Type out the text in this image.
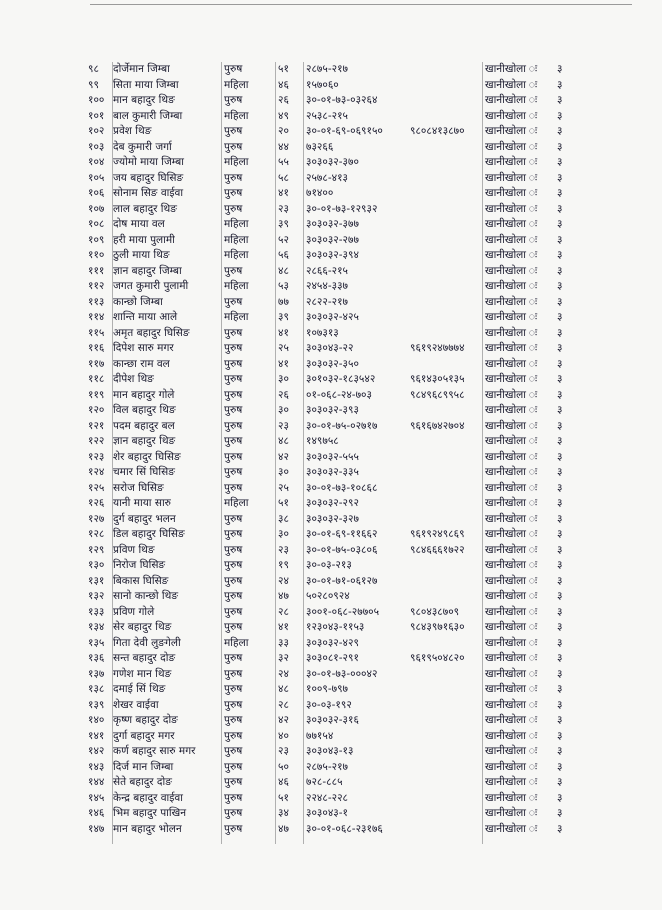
९८	दोर्जेमान जिम्बा	पुरुष	५१	२८७५-२१७	खानीखोला ः	३
९९	सिता माया जिम्बा	महिला	४६	१५७०६०	खानीखोला ः	३
१०० मान बहादुर थिङ	पुरुष	२६	३०-०१-७३-०३२६४	खानीखोला ः	३
१०१ बाल कुमारी जिम्बा	महिला	४९	२५३८-२१५	खानीखोला ः	३
१०२ प्रवेश थिङ	पुरुष	२०	३०-०१-६९-०६९१५०	९८०८४१३८७०	खानीखोला ः	३
१०३ देब कुमारी जर्गा	पुरुष	४४	७३२६६	खानीखोला ः	३
१०४ ज्योमो माया जिम्बा	महिला	५५	३०३०३२-३७०	खानीखोला ः	३
१०५ जय बहादुर घिसिङ	पुरुष	५८	२५७८-४१३	खानीखोला ः	३
१०६ सोनाम सिङ वाईवा	पुरुष	४१	७१४००	खानीखोला ः	३
१०७ लाल बहादुर थिङ	पुरुष	२३	३०-०१-७३-१२९३२	खानीखोला ः	३
१०८ दोष माया वल	महिला	३९	३०३०३२-३७७	खानीखोला ः	३
१०९ हरी माया पुलामी	महिला	५२	३०३०३२-२७७	खानीखोला ः	३
११० ठुली माया थिङ	महिला	५६	३०३०३२-३९४	खानीखोला ः	३
१११ ज्ञान बहादुर जिम्बा	पुरुष	४८	२८६६-२१५	खानीखोला ः	३
११२ जगत कुमारी पुलामी	महिला	५३	२४५४-३३७	खानीखोला ः	३
११३ कान्छो जिम्बा	पुरुष	७७	२८२२-२१७	खानीखोला ः	३
११४ शान्ति माया आले	महिला	३९	३०३०३२-४२५	खानीखोला ः	३
११५ अमृत बहादुर घिसिङ	पुरुष	४१	१०७३१३	खानीखोला ः	३
११६ दिपेश सारु मगर	पुरुष	२५	३०३०४३-२२	९६१९२४७७७४	खानीखोला ः	३
११७ कान्छा राम वल	पुरुष	४१	३०३०३२-३५०	खानीखोला ः	३
११८ दीपेश थिङ	पुरुष	३०	३०१०३२-१८३५४२	९६१४३०५१३५	खानीखोला ः	३
११९ मान बहादुर गोले	पुरुष	२६	०१-०६८-२४-७०३	९८४९६८९९५८	खानीखोला ः	३
१२० विल बहादुर थिङ	पुरुष	३०	३०३०३२-३९३	खानीखोला ः	३
१२१ पदम बहादुर बल	पुरुष	२३	३०-०१-७५-०२७१७	९६१६७४२७०४	खानीखोला ः	३
१२२ ज्ञान बहादुर थिङ	पुरुष	४८	१४९७५८	खानीखोला ः	३
१२३ शेर बहादुर घिसिङ	पुरुष	४२	३०३०३२-५५५	खानीखोला ः	३
१२४ चमार सिं घिसिङ	पुरुष	३०	३०३०३२-३३५	खानीखोला ः	३
१२५ सरोज घिसिङ	पुरुष	२५	३०-०१-७३-१०८६८	खानीखोला ः	३
१२६ यानी माया सारु	महिला	५१	३०३०३२-२९२	खानीखोला ः	३
१२७ दुर्ग बहादुर भलन	पुरुष	३८	३०३०३२-३२७	खानीखोला ः	३
१२८ डिल बहादुर घिसिङ	पुरुष	३०	३०-०१-६९-११६६२	९६१९२४९८६९	खानीखोला ः	३
१२९ प्रविण थिङ	पुरुष	२३	३०-०१-७५-०३८०६	९८४६६६१७२२	खानीखोला ः	३
१३० निरोज घिसिङ	पुरुष	१९	३०-०३-२१३	खानीखोला ः	३
१३१ बिकास घिसिङ	पुरुष	२४	३०-०१-७१-०६१२७	खानीखोला ः	३
१३२ सानो कान्छो थिङ	पुरुष	४७	५०२८०९२४	खानीखोला ः	३
१३३ प्रविण गोले	पुरुष	२८	३००१-०६८-२७७०५	९८०४३८७०९	खानीखोला ः	३
१३४ सेर बहादुर थिङ	पुरुष	४१	१२३०४३-११५३	९८४३९७१६३०	खानीखोला ः	३
१३५ गिता देवी लुङगेली	महिला	३३	३०३०३२-४२९	खानीखोला ः	३
१३६ सन्त बहादुर दोङ	पुरुष	३२	३०३०८१-२९१	९६१९५०४८२०	खानीखोला ः	३
१३७ गणेश मान थिङ	पुरुष	२४	३०-०१-७३-०००४२	खानीखोला ः	३
१३८ दमाई सिं थिङ	पुरुष	४८	१००९-७९७	खानीखोला ः	३
१३९ शेखर वाईवा	पुरुष	२८	३०-०३-१९२	खानीखोला ः	३
१४० कृष्ण बहादुर दोङ	पुरुष	४२	३०३०३२-३१६	खानीखोला ः	३
१४१ दुर्गा बहादुर मगर	पुरुष	४०	७७१५४	खानीखोला ः	३
१४२ कर्ण बहादुर सारु मगर	पुरुष	२३	३०३०४३-१३	खानीखोला ः	३
१४३ दिर्ज मान जिम्बा	पुरुष	५०	२८७५-२१७	खानीखोला ः	३
१४४ सेते बहादुर दोङ	पुरुष	४६	७२८-८८५	खानीखोला ः	३
१४५ केन्द्र बहादुर वाईवा	पुरुष	५१	२२४८-२२८	खानीखोला ः	३
१४६ भिम बहादुर पाखिन	पुरुष	३४	३०३०४३-१	खानीखोला ः	३
१४७ मान बहादुर भोलन	पुरुष	४७	३०-०१-०६८-२३१७६	खानीखोला ः	३
